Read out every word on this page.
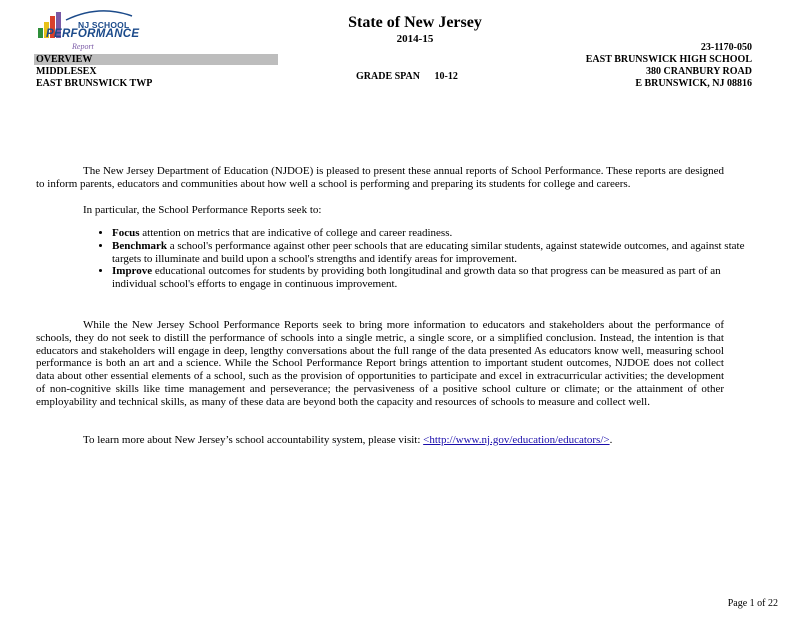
NJ SCHOOL
PERFORMANCE
Report
State of New Jersey
2014-15
OVERVIEW
MIDDLESEX
EAST BRUNSWICK TWP
GRADE SPAN 10-12
23-1170-050
EAST BRUNSWICK HIGH SCHOOL
380 CRANBURY ROAD
E BRUNSWICK, NJ 08816
The New Jersey Department of Education (NJDOE) is pleased to present these annual reports of School Performance. These reports are designed to inform parents, educators and communities about how well a school is performing and preparing its students for college and careers.
In particular, the School Performance Reports seek to:
• Focus attention on metrics that are indicative of college and career readiness.
• Benchmark a school's performance against other peer schools that are educating similar students, against statewide outcomes, and against state targets to illuminate and build upon a school's strengths and identify areas for improvement.
• Improve educational outcomes for students by providing both longitudinal and growth data so that progress can be measured as part of an individual school's efforts to engage in continuous improvement.
While the New Jersey School Performance Reports seek to bring more information to educators and stakeholders about the performance of schools, they do not seek to distill the performance of schools into a single metric, a single score, or a simplified conclusion. Instead, the intention is that educators and stakeholders will engage in deep, lengthy conversations about the full range of the data presented As educators know well, measuring school performance is both an art and a science. While the School Performance Report brings attention to important student outcomes, NJDOE does not collect data about other essential elements of a school, such as the provision of opportunities to participate and excel in extracurricular activities; the development of non-cognitive skills like time management and perseverance; the pervasiveness of a positive school culture or climate; or the attainment of other employability and technical skills, as many of these data are beyond both the capacity and resources of schools to measure and collect well.
To learn more about New Jersey’s school accountability system, please visit: <http://www.nj.gov/education/educators/>.
Page 1 of 22
